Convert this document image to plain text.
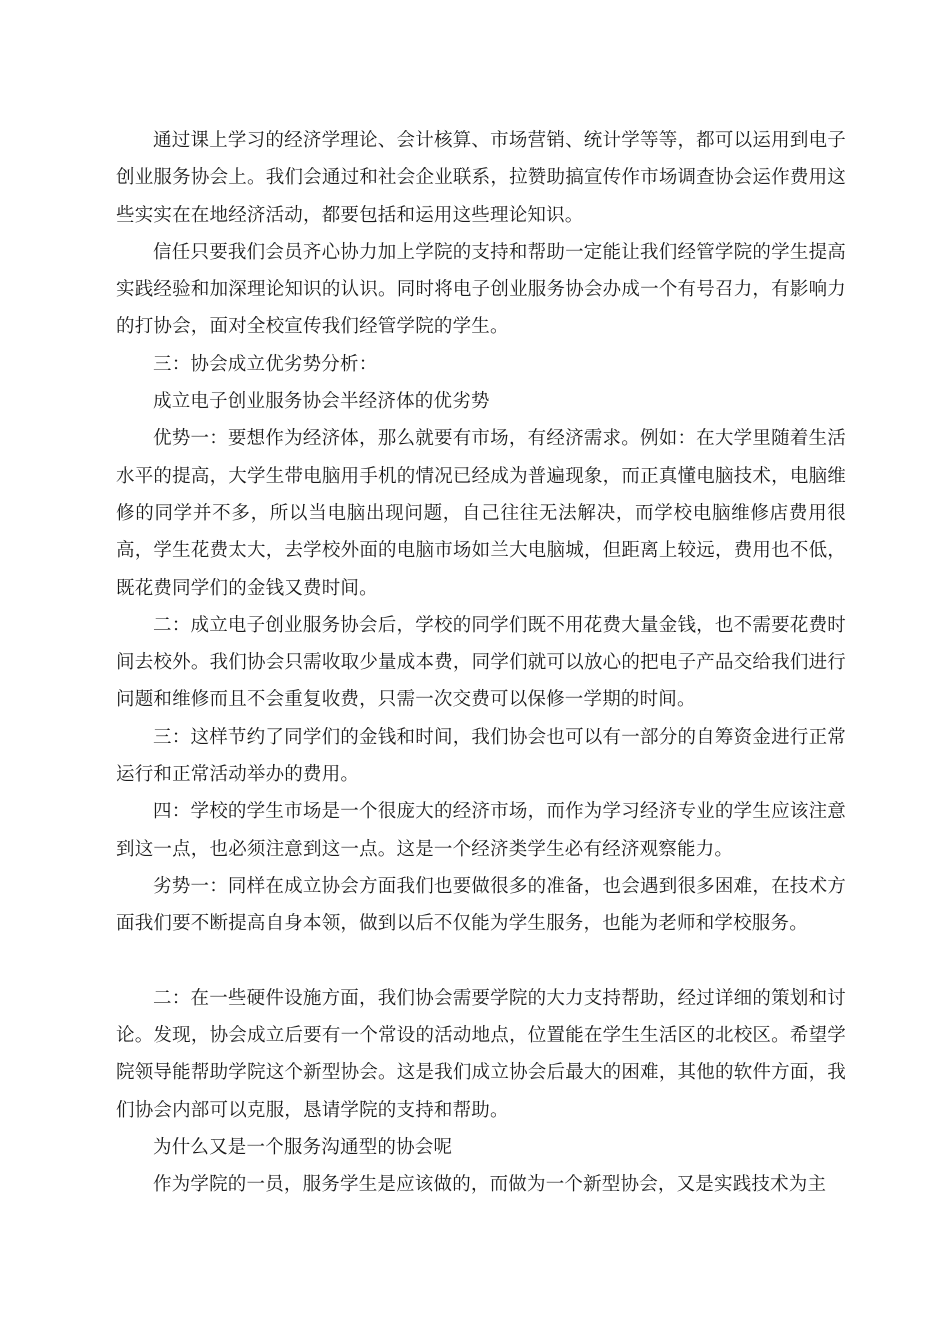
通过课上学习的经济学理论、会计核算、市场营销、统计学等等，都可以运用到电子创业服务协会上。我们会通过和社会企业联系，拉赞助搞宣传作市场调查协会运作费用这些实实在在地经济活动，都要包括和运用这些理论知识。

信任只要我们会员齐心协力加上学院的支持和帮助一定能让我们经管学院的学生提高实践经验和加深理论知识的认识。同时将电子创业服务协会办成一个有号召力，有影响力的打协会，面对全校宣传我们经管学院的学生。

三：协会成立优劣势分析：

成立电子创业服务协会半经济体的优劣势

优势一：要想作为经济体，那么就要有市场，有经济需求。例如：在大学里随着生活水平的提高，大学生带电脑用手机的情况已经成为普遍现象，而正真懂电脑技术，电脑维修的同学并不多，所以当电脑出现问题，自己往往无法解决，而学校电脑维修店费用很高，学生花费太大，去学校外面的电脑市场如兰大电脑城，但距离上较远，费用也不低，既花费同学们的金钱又费时间。

二：成立电子创业服务协会后，学校的同学们既不用花费大量金钱，也不需要花费时间去校外。我们协会只需收取少量成本费，同学们就可以放心的把电子产品交给我们进行问题和维修而且不会重复收费，只需一次交费可以保修一学期的时间。

三：这样节约了同学们的金钱和时间，我们协会也可以有一部分的自筹资金进行正常运行和正常活动举办的费用。

四：学校的学生市场是一个很庞大的经济市场，而作为学习经济专业的学生应该注意到这一点，也必须注意到这一点。这是一个经济类学生必有经济观察能力。

劣势一：同样在成立协会方面我们也要做很多的准备，也会遇到很多困难，在技术方面我们要不断提高自身本领，做到以后不仅能为学生服务，也能为老师和学校服务。

二：在一些硬件设施方面，我们协会需要学院的大力支持帮助，经过详细的策划和讨论。发现，协会成立后要有一个常设的活动地点，位置能在学生生活区的北校区。希望学院领导能帮助学院这个新型协会。这是我们成立协会后最大的困难，其他的软件方面，我们协会内部可以克服，恳请学院的支持和帮助。

为什么又是一个服务沟通型的协会呢

作为学院的一员，服务学生是应该做的，而做为一个新型协会，又是实践技术为主
